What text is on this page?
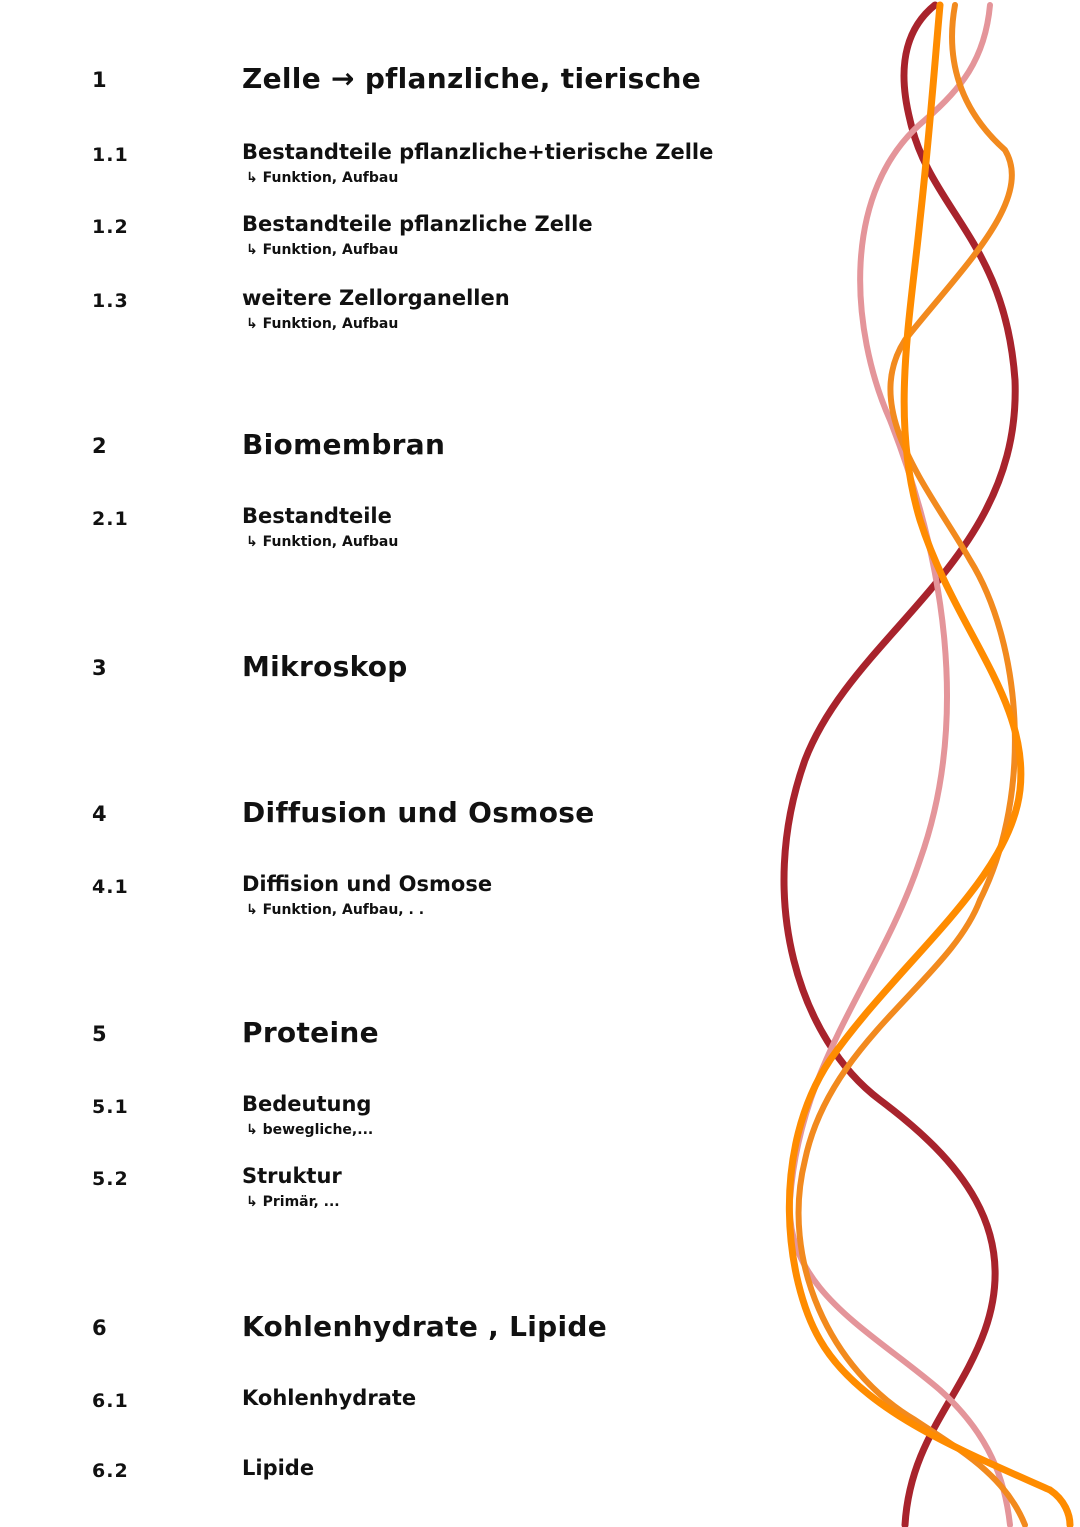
1	Zelle → pflanzliche, tierische
1.1	Bestandteile pflanzliche+tierische Zelle
↳ Funktion, Aufbau
1.2	Bestandteile pflanzliche Zelle
↳ Funktion, Aufbau
1.3	weitere Zellorganellen
↳ Funktion, Aufbau
2	Biomembran
2.1	Bestandteile
↳ Funktion, Aufbau
3	Mikroskop
4	Diffusion und Osmose
4.1	Diffision und Osmose
↳ Funktion, Aufbau, . .
5	Proteine
5.1	Bedeutung
↳ bewegliche,...
5.2	Struktur
↳ Primär, ...
6	Kohlenhydrate , Lipide
6.1	Kohlenhydrate
6.2	Lipide
